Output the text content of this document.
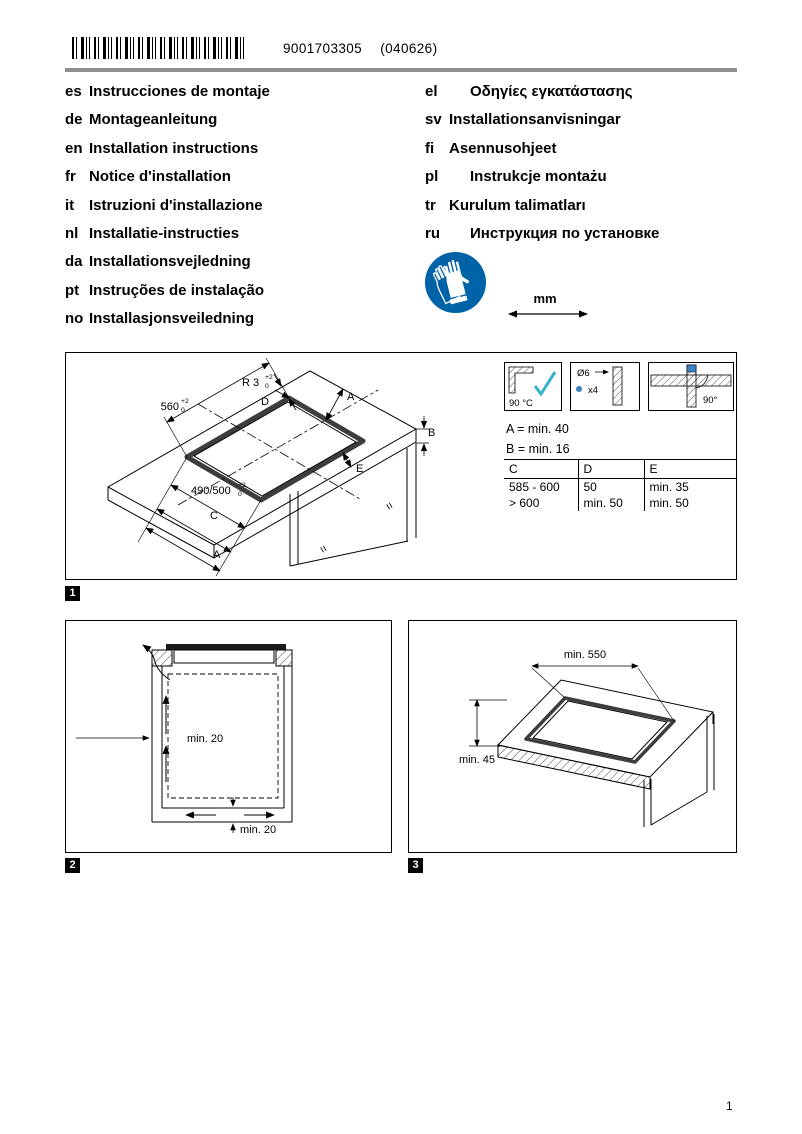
9001703305 (040626)
es Instrucciones de montaje
de Montageanleitung
en Installation instructions
fr Notice d'installation
it Istruzioni d'installazione
nl Installatie-instructies
da Installationsvejledning
pt Instruções de instalação
no Installasjonsveiledning
el Οδηγίες εγκατάστασης
sv Installationsanvisningar
fi Asennusohjeet
pl Instrukcje montażu
tr Kurulum talimatları
ru Инструкция по установке
mm
560 +2
0
R 3 +2
0
490/500 +2
0
D	A
B
E
C
A
=
=
90 °C
Ø6
x4
90°
A = min. 40
B = min. 16
C	D	E
585 - 600	50	min. 35
> 600	min. 50	min. 50
1
min. 20
min. 20
2
min. 550
min. 45
3
1
